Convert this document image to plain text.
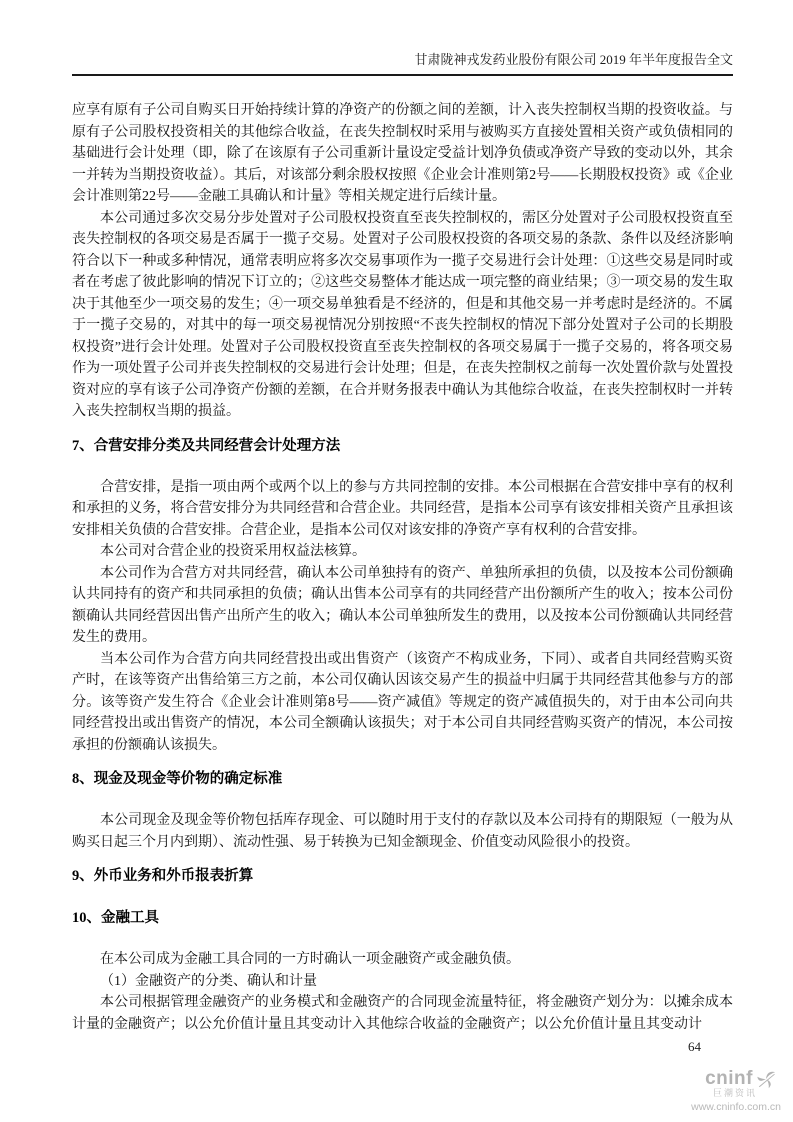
甘肃陇神戎发药业股份有限公司 2019 年半年度报告全文

应享有原有子公司自购买日开始持续计算的净资产的份额之间的差额，计入丧失控制权当期的投资收益。与原有子公司股权投资相关的其他综合收益，在丧失控制权时采用与被购买方直接处置相关资产或负债相同的基础进行会计处理（即，除了在该原有子公司重新计量设定受益计划净负债或净资产导致的变动以外，其余一并转为当期投资收益）。其后，对该部分剩余股权按照《企业会计准则第2号——长期股权投资》或《企业会计准则第22号——金融工具确认和计量》等相关规定进行后续计量。

本公司通过多次交易分步处置对子公司股权投资直至丧失控制权的，需区分处置对子公司股权投资直至丧失控制权的各项交易是否属于一揽子交易。处置对子公司股权投资的各项交易的条款、条件以及经济影响符合以下一种或多种情况，通常表明应将多次交易事项作为一揽子交易进行会计处理：①这些交易是同时或者在考虑了彼此影响的情况下订立的；②这些交易整体才能达成一项完整的商业结果；③一项交易的发生取决于其他至少一项交易的发生；④一项交易单独看是不经济的，但是和其他交易一并考虑时是经济的。不属于一揽子交易的，对其中的每一项交易视情况分别按照“不丧失控制权的情况下部分处置对子公司的长期股权投资”进行会计处理。处置对子公司股权投资直至丧失控制权的各项交易属于一揽子交易的，将各项交易作为一项处置子公司并丧失控制权的交易进行会计处理；但是，在丧失控制权之前每一次处置价款与处置投资对应的享有该子公司净资产份额的差额，在合并财务报表中确认为其他综合收益，在丧失控制权时一并转入丧失控制权当期的损益。

7、合营安排分类及共同经营会计处理方法

合营安排，是指一项由两个或两个以上的参与方共同控制的安排。本公司根据在合营安排中享有的权利和承担的义务，将合营安排分为共同经营和合营企业。共同经营，是指本公司享有该安排相关资产且承担该安排相关负债的合营安排。合营企业，是指本公司仅对该安排的净资产享有权利的合营安排。

本公司对合营企业的投资采用权益法核算。

本公司作为合营方对共同经营，确认本公司单独持有的资产、单独所承担的负债，以及按本公司份额确认共同持有的资产和共同承担的负债；确认出售本公司享有的共同经营产出份额所产生的收入；按本公司份额确认共同经营因出售产出所产生的收入；确认本公司单独所发生的费用，以及按本公司份额确认共同经营发生的费用。

当本公司作为合营方向共同经营投出或出售资产（该资产不构成业务，下同）、或者自共同经营购买资产时，在该等资产出售给第三方之前，本公司仅确认因该交易产生的损益中归属于共同经营其他参与方的部分。该等资产发生符合《企业会计准则第8号——资产减值》等规定的资产减值损失的，对于由本公司向共同经营投出或出售资产的情况，本公司全额确认该损失；对于本公司自共同经营购买资产的情况，本公司按承担的份额确认该损失。

8、现金及现金等价物的确定标准

本公司现金及现金等价物包括库存现金、可以随时用于支付的存款以及本公司持有的期限短（一般为从购买日起三个月内到期）、流动性强、易于转换为已知金额现金、价值变动风险很小的投资。

9、外币业务和外币报表折算
10、金融工具

在本公司成为金融工具合同的一方时确认一项金融资产或金融负债。

（1）金融资产的分类、确认和计量

本公司根据管理金融资产的业务模式和金融资产的合同现金流量特征，将金融资产划分为：以摊余成本计量的金融资产；以公允价值计量且其变动计入其他综合收益的金融资产；以公允价值计量且其变动计

64
cninf
巨潮资讯
www.cninfo.com.cn
